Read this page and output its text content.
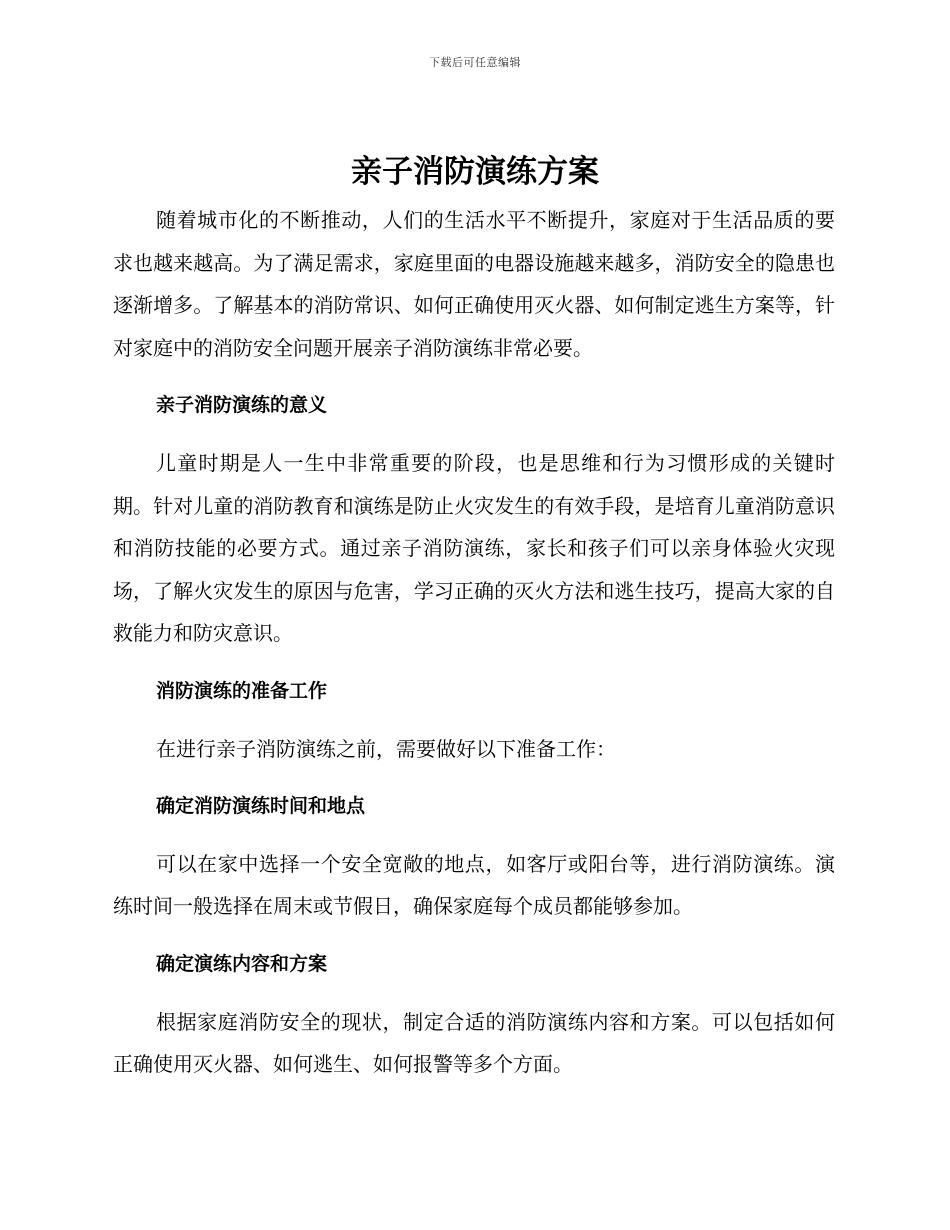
下载后可任意编辑
亲子消防演练方案

随着城市化的不断推动，人们的生活水平不断提升，家庭对于生活品质的要求也越来越高。为了满足需求，家庭里面的电器设施越来越多，消防安全的隐患也逐渐增多。了解基本的消防常识、如何正确使用灭火器、如何制定逃生方案等，针对家庭中的消防安全问题开展亲子消防演练非常必要。

亲子消防演练的意义

儿童时期是人一生中非常重要的阶段，也是思维和行为习惯形成的关键时期。针对儿童的消防教育和演练是防止火灾发生的有效手段，是培育儿童消防意识和消防技能的必要方式。通过亲子消防演练，家长和孩子们可以亲身体验火灾现场，了解火灾发生的原因与危害，学习正确的灭火方法和逃生技巧，提高大家的自救能力和防灾意识。

消防演练的准备工作

在进行亲子消防演练之前，需要做好以下准备工作：

确定消防演练时间和地点

可以在家中选择一个安全宽敞的地点，如客厅或阳台等，进行消防演练。演练时间一般选择在周末或节假日，确保家庭每个成员都能够参加。

确定演练内容和方案

根据家庭消防安全的现状，制定合适的消防演练内容和方案。可以包括如何正确使用灭火器、如何逃生、如何报警等多个方面。
